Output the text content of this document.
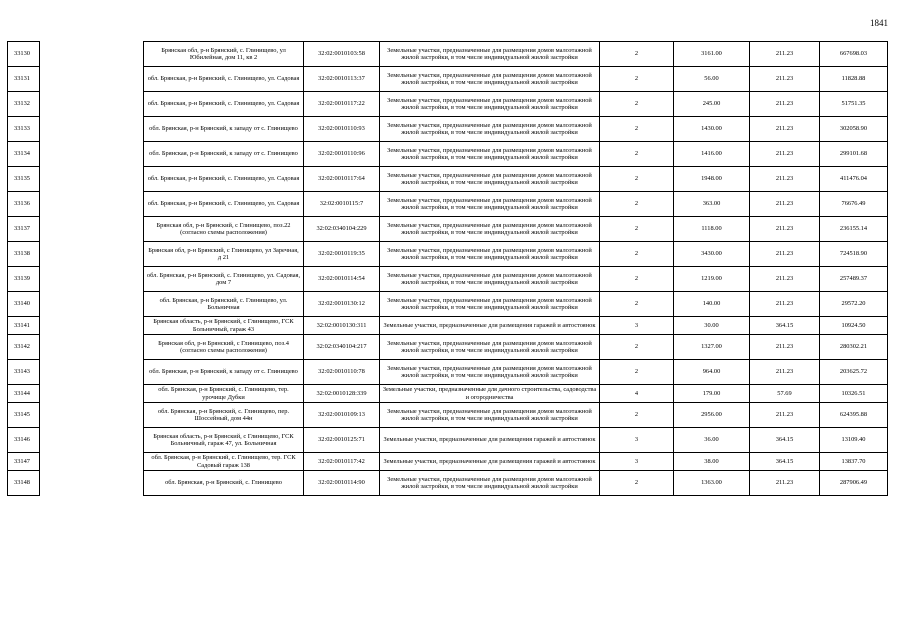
1841
33130		Брянская обл, р-н Брянский, с. Глинищево, ул Юбилейная, дом 11, кв 2	32:02:0010103:58	Земельные участки, предназначенные для размещения домов малоэтажной жилой застройки, в том числе индивидуальной жилой застройки	2	3161.00	211.23	667698.03
33131		обл. Брянская, р-н Брянский, с. Глинищево, ул. Садовая	32:02:0010113:37	Земельные участки, предназначенные для размещения домов малоэтажной жилой застройки, в том числе индивидуальной жилой застройки	2	56.00	211.23	11828.88
33132		обл. Брянская, р-н Брянский, с. Глинищево, ул. Садовая	32:02:0010117:22	Земельные участки, предназначенные для размещения домов малоэтажной жилой застройки, в том числе индивидуальной жилой застройки	2	245.00	211.23	51751.35
33133		обл. Брянская, р-н Брянский, к западу от с. Глинищево	32:02:0010110:93	Земельные участки, предназначенные для размещения домов малоэтажной жилой застройки, в том числе индивидуальной жилой застройки	2	1430.00	211.23	302058.90
33134		обл. Брянская, р-н Брянский, к западу от с. Глинищево	32:02:0010110:96	Земельные участки, предназначенные для размещения домов малоэтажной жилой застройки, в том числе индивидуальной жилой застройки	2	1416.00	211.23	299101.68
33135		обл. Брянская, р-н Брянский, с. Глинищево, ул. Садовая	32:02:0010117:64	Земельные участки, предназначенные для размещения домов малоэтажной жилой застройки, в том числе индивидуальной жилой застройки	2	1948.00	211.23	411476.04
33136		обл. Брянская, р-н Брянский, с. Глинищево, ул. Садовая	32:02:0010115:7	Земельные участки, предназначенные для размещения домов малоэтажной жилой застройки, в том числе индивидуальной жилой застройки	2	363.00	211.23	76676.49
33137		Брянская обл, р-н Брянский, с Глинищево, поз.22 (согласно схемы расположения)	32:02:0340104:229	Земельные участки, предназначенные для размещения домов малоэтажной жилой застройки, в том числе индивидуальной жилой застройки	2	1118.00	211.23	236155.14
33138		Брянская обл, р-н Брянский, с Глинищево, ул Заречная, д 21	32:02:0010119:35	Земельные участки, предназначенные для размещения домов малоэтажной жилой застройки, в том числе индивидуальной жилой застройки	2	3430.00	211.23	724518.90
33139		обл. Брянская, р-н Брянский, с. Глинищево, ул. Садовая, дом 7	32:02:0010114:54	Земельные участки, предназначенные для размещения домов малоэтажной жилой застройки, в том числе индивидуальной жилой застройки	2	1219.00	211.23	257489.37
33140		обл. Брянская, р-н Брянский, с. Глинищево, ул. Больничная	32:02:0010130:12	Земельные участки, предназначенные для размещения домов малоэтажной жилой застройки, в том числе индивидуальной жилой застройки	2	140.00	211.23	29572.20
33141		Брянская область, р-н Брянский, с Глинищево, ГСК Больничный, гараж 43	32:02:0010130:311	Земельные участки, предназначенные для размещения гаражей и автостоянок	3	30.00	364.15	10924.50
33142		Брянская обл, р-н Брянский, с Глинищево, поз.4 (согласно схемы расположения)	32:02:0340104:217	Земельные участки, предназначенные для размещения домов малоэтажной жилой застройки, в том числе индивидуальной жилой застройки	2	1327.00	211.23	280302.21
33143		обл. Брянская, р-н Брянский, к западу от с. Глинищево	32:02:0010110:78	Земельные участки, предназначенные для размещения домов малоэтажной жилой застройки, в том числе индивидуальной жилой застройки	2	964.00	211.23	203625.72
33144		обл. Брянская, р-н Брянский, с. Глинищево, тер. урочище Дубки	32:02:0010128:339	Земельные участки, предназначенные для дачного строительства, садоводства и огородничества	4	179.00	57.69	10326.51
33145		обл. Брянская, р-н Брянский, с. Глинищево, пер. Шоссейный, дом 44н	32:02:0010109:13	Земельные участки, предназначенные для размещения домов малоэтажной жилой застройки, в том числе индивидуальной жилой застройки	2	2956.00	211.23	624395.88
33146		Брянская область, р-н Брянский, с Глинищево, ГСК Больничный, гараж 47, ул. Больничная	32:02:0010125:71	Земельные участки, предназначенные для размещения гаражей и автостоянок	3	36.00	364.15	13109.40
33147		обл. Брянская, р-н Брянский, с. Глинищево, тер. ГСК Садовый гараж 138	32:02:0010117:42	Земельные участки, предназначенные для размещения гаражей и автостоянок	3	38.00	364.15	13837.70
33148		обл. Брянская, р-н Брянский, с. Глинищево	32:02:0010114:90	Земельные участки, предназначенные для размещения домов малоэтажной жилой застройки, в том числе индивидуальной жилой застройки	2	1363.00	211.23	287906.49
